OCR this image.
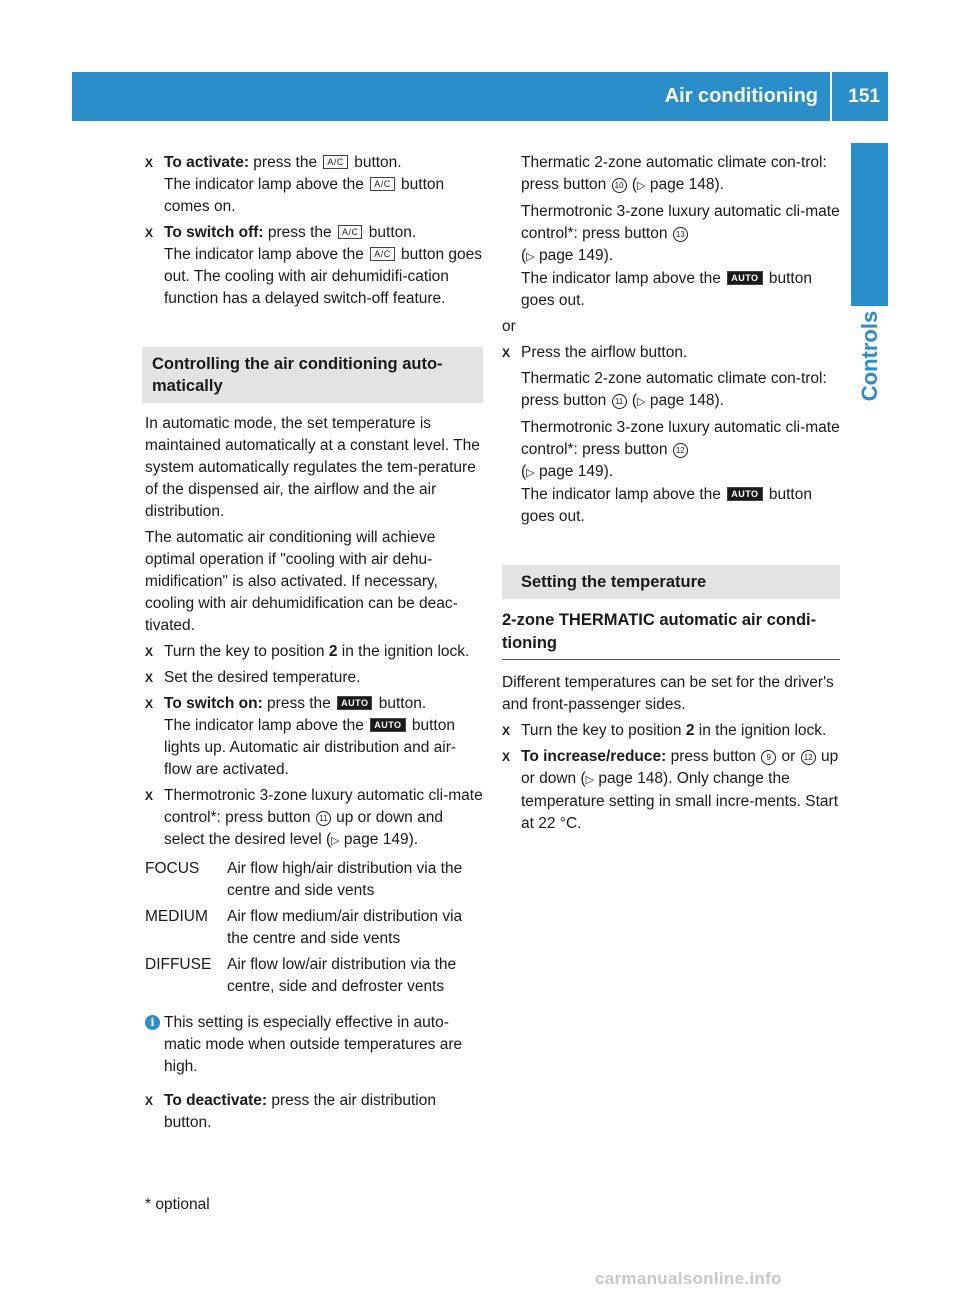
Air conditioning 151
Controls
X To activate: press the A/C button.
The indicator lamp above the A/C button comes on.
X To switch off: press the A/C button.
The indicator lamp above the A/C button goes out. The cooling with air dehumidifi-cation function has a delayed switch-off feature.
Controlling the air conditioning auto-matically

In automatic mode, the set temperature is maintained automatically at a constant level. The system automatically regulates the tem-perature of the dispensed air, the airflow and the air distribution.

The automatic air conditioning will achieve optimal operation if "cooling with air dehu-midification" is also activated. If necessary, cooling with air dehumidification can be deac-tivated.

X Turn the key to position 2 in the ignition lock.
X Set the desired temperature.
X To switch on: press the AUTO button.
The indicator lamp above the AUTO button lights up. Automatic air distribution and air-flow are activated.
X Thermotronic 3-zone luxury automatic cli-mate control*: press button 11 up or down and select the desired level (▷ page 149).
FOCUS	Air flow high/air distribution via the centre and side vents
MEDIUM	Air flow medium/air distribution via the centre and side vents
DIFFUSE	Air flow low/air distribution via the centre, side and defroster vents
i This setting is especially effective in auto-matic mode when outside temperatures are high.
X To deactivate: press the air distribution button.

Thermatic 2-zone automatic climate con-trol: press button 10 (▷ page 148).

Thermotronic 3-zone luxury automatic cli-mate control*: press button 13
(▷ page 149).
The indicator lamp above the AUTO button goes out.

or

X Press the airflow button.

Thermatic 2-zone automatic climate con-trol: press button 11 (▷ page 148).

Thermotronic 3-zone luxury automatic cli-mate control*: press button 12
(▷ page 149).
The indicator lamp above the AUTO button goes out.

Setting the temperature
2-zone THERMATIC automatic air condi-tioning

Different temperatures can be set for the driver's and front-passenger sides.

X Turn the key to position 2 in the ignition lock.
X To increase/reduce: press button 9 or 12 up or down (▷ page 148). Only change the temperature setting in small incre-ments. Start at 22 °C.
* optional
carmanualsonline.info
